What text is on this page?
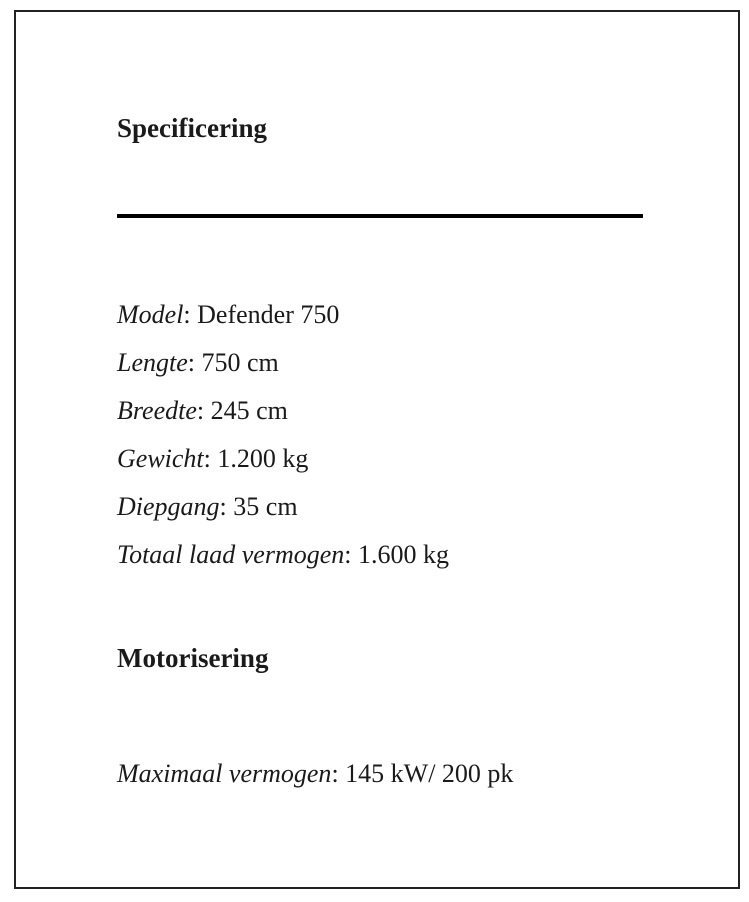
Specificering
Model: Defender 750
Lengte: 750 cm
Breedte: 245 cm
Gewicht: 1.200 kg
Diepgang: 35 cm
Totaal laad vermogen: 1.600 kg
Motorisering
Maximaal vermogen: 145 kW/ 200 pk
